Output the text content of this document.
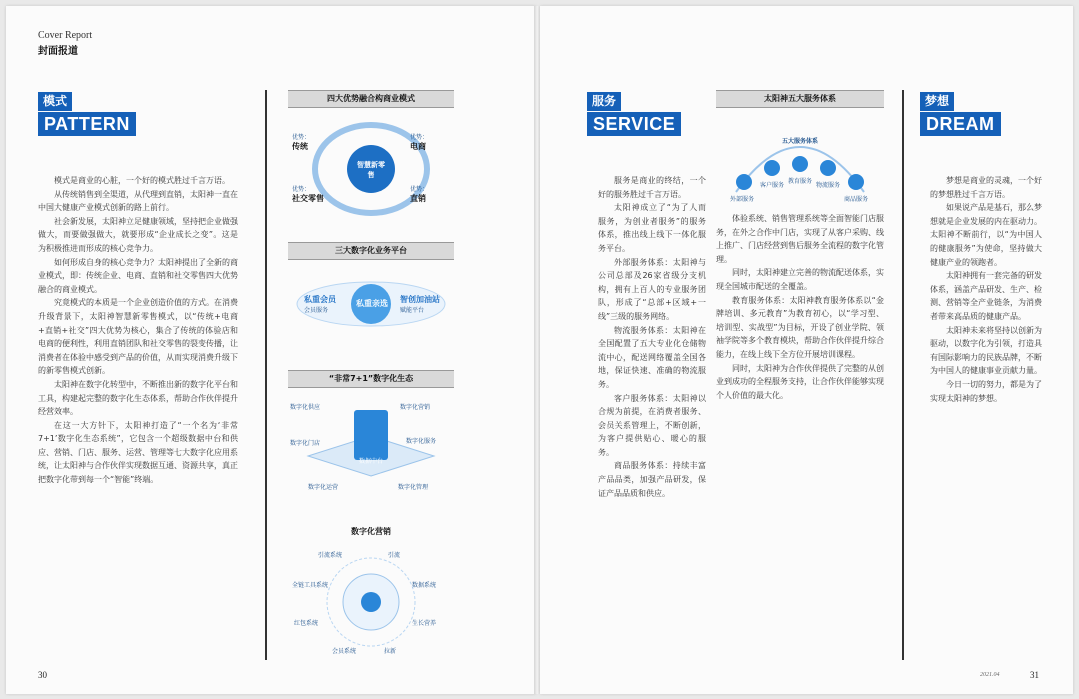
Cover Report
封面报道
模式
PATTERN

模式是商业的心脏，一个好的模式胜过千言万语。

从传统销售到全渠道，从代理到直销，太阳神一直在中国大健康产业模式创新的路上前行。

社会新发展，太阳神立足健康领域，坚持把企业做强做大，而要做强做大，就要形成“企业成长之变”。这是为积极推进而形成的核心竞争力。

如何形成自身的核心竞争力？太阳神提出了全新的商业模式，即：传统企业、电商、直销和社交零售四大优势融合的商业模式。

究竟模式的本质是一个企业创造价值的方式。在消费升级背景下，太阳神智慧新零售模式，以“传统+电商+直销+社交”四大优势为核心，集合了传统的体验店和电商的便利性，利用直销团队和社交零售的裂变传播，让消费者在体验中感受到产品的价值，从而实现消费升级下的新零售模式创新。

太阳神在数字化转型中，不断推出新的数字化平台和工具，构建起完整的数字化生态体系，帮助合作伙伴提升经营效率。

在这一大方针下，太阳神打造了“一个名为‘非常7+1’数字化生态系统”，它包含一个超级数据中台和供应、营销、门店、服务、运营、管理等七大数字化应用系统，让太阳神与合作伙伴实现数据互通、资源共享，真正把数字化带到每一个“智能”终端。

四大优势融合构商业模式
智慧新零售
优势：
传统
优势：
电商
优势：
社交零售
优势：
直销
三大数字化业务平台
私重会员
会员服务
私重亲选	智创加油站
赋能平台
“非常7+1”数字化生态
数据中台
数字化供应	数字化营销
数字化门店	数字化服务
数字化运营	数字化管理
数字化营销
引流系统	引流
全链工具系统	数据系统
红包系统	生长营养
会员系统	拉新
30
服务
SERVICE

服务是商业的终结，一个好的服务胜过千言万语。

太阳神成立了“为了人而服务，为创业者服务”的服务体系，推出线上线下一体化服务平台。

外部服务体系：太阳神与公司总部及26家省级分支机构，拥有上百人的专业服务团队，形成了“总部+区域+一线”三级的服务网络。

物流服务体系：太阳神在全国配置了五大专业化仓储物流中心，配送网络覆盖全国各地，保证快速、准确的物流服务。

客户服务体系：太阳神以合规为前提，在消费者服务、会员关系管理上，不断创新，为客户提供贴心、暖心的服务。

商品服务体系：持续丰富产品品类，加强产品研发，保证产品品质和供应。

太阳神五大服务体系
五大服务体系
外部服务
客户服务
教育服务
物流服务
商品服务

体验系统、销售管理系统等全面智能门店服务，在外之合作中门店，实现了从客户采购、线上推广、门店经营到售后服务全流程的数字化管理。

同时，太阳神建立完善的物流配送体系，实现全国城市配送的全覆盖。

教育服务体系：太阳神教育服务体系以“金牌培训、多元教育”为教育初心，以“学习型、培训型、实战型”为目标，开设了创业学院、领袖学院等多个教育模块，帮助合作伙伴提升综合能力，在线上线下全方位开展培训课程。

同时，太阳神为合作伙伴提供了完整的从创业到成功的全程服务支持，让合作伙伴能够实现个人价值的最大化。

梦想
DREAM

梦想是商业的灵魂，一个好的梦想胜过千言万语。

如果说产品是基石，那么梦想就是企业发展的内在驱动力。太阳神不断前行，以“为中国人的健康服务”为使命，坚持做大健康产业的领跑者。

太阳神拥有一套完备的研发体系，涵盖产品研发、生产、检测、营销等全产业链条，为消费者带来高品质的健康产品。

太阳神未来将坚持以创新为驱动，以数字化为引领，打造具有国际影响力的民族品牌，不断为中国人的健康事业贡献力量。

今日一切的努力，都是为了实现太阳神的梦想。

2021.04	31
